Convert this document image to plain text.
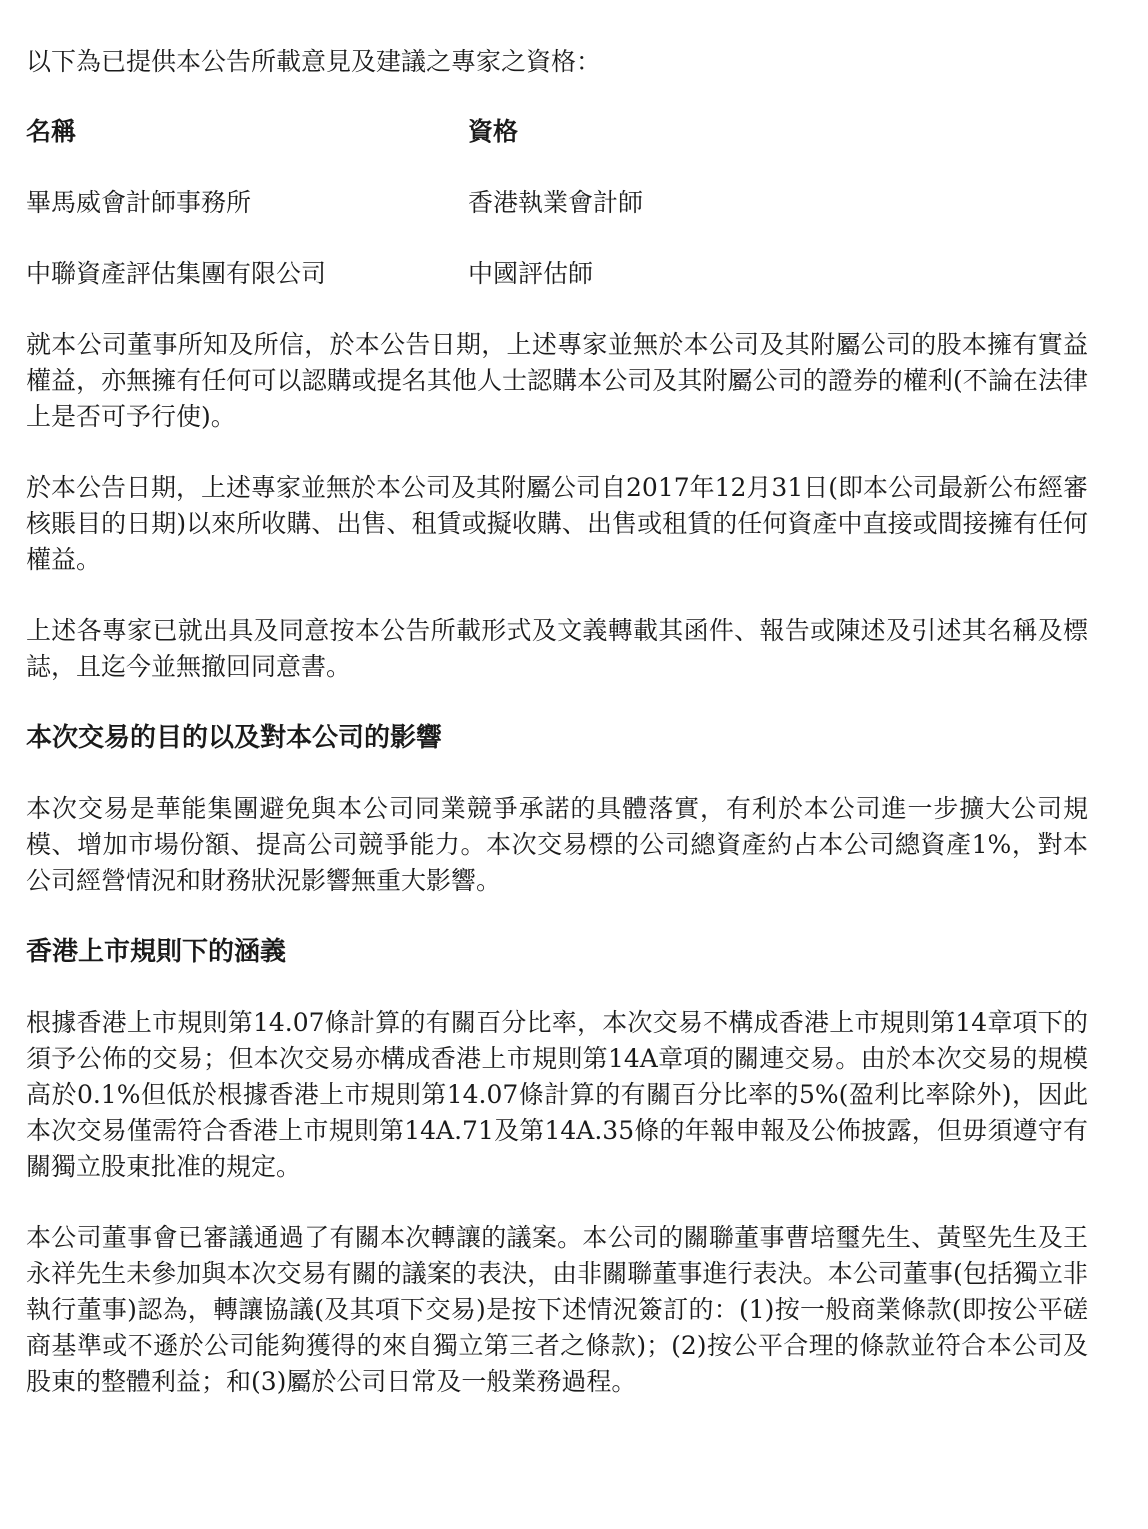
以下為已提供本公告所載意見及建議之專家之資格：

名稱	資格
畢馬威會計師事務所	香港執業會計師
中聯資產評估集團有限公司	中國評估師

就本公司董事所知及所信，於本公告日期，上述專家並無於本公司及其附屬公司的股本擁有實益權益，亦無擁有任何可以認購或提名其他人士認購本公司及其附屬公司的證券的權利(不論在法律上是否可予行使)。

於本公告日期，上述專家並無於本公司及其附屬公司自2017年12月31日(即本公司最新公布經審核賬目的日期)以來所收購、出售、租賃或擬收購、出售或租賃的任何資產中直接或間接擁有任何權益。

上述各專家已就出具及同意按本公告所載形式及文義轉載其函件、報告或陳述及引述其名稱及標誌，且迄今並無撤回同意書。

本次交易的目的以及對本公司的影響

本次交易是華能集團避免與本公司同業競爭承諾的具體落實，有利於本公司進一步擴大公司規模、增加市場份額、提高公司競爭能力。本次交易標的公司總資產約占本公司總資產1%，對本公司經營情況和財務狀況影響無重大影響。

香港上市規則下的涵義

根據香港上市規則第14.07條計算的有關百分比率，本次交易不構成香港上市規則第14章項下的須予公佈的交易；但本次交易亦構成香港上市規則第14A章項的關連交易。由於本次交易的規模高於0.1%但低於根據香港上市規則第14.07條計算的有關百分比率的5%(盈利比率除外)，因此本次交易僅需符合香港上市規則第14A.71及第14A.35條的年報申報及公佈披露，但毋須遵守有關獨立股東批准的規定。

本公司董事會已審議通過了有關本次轉讓的議案。本公司的關聯董事曹培璽先生、黃堅先生及王永祥先生未參加與本次交易有關的議案的表決，由非關聯董事進行表決。本公司董事(包括獨立非執行董事)認為，轉讓協議(及其項下交易)是按下述情況簽訂的：(1)按一般商業條款(即按公平磋商基準或不遜於公司能夠獲得的來自獨立第三者之條款)；(2)按公平合理的條款並符合本公司及股東的整體利益；和(3)屬於公司日常及一般業務過程。
